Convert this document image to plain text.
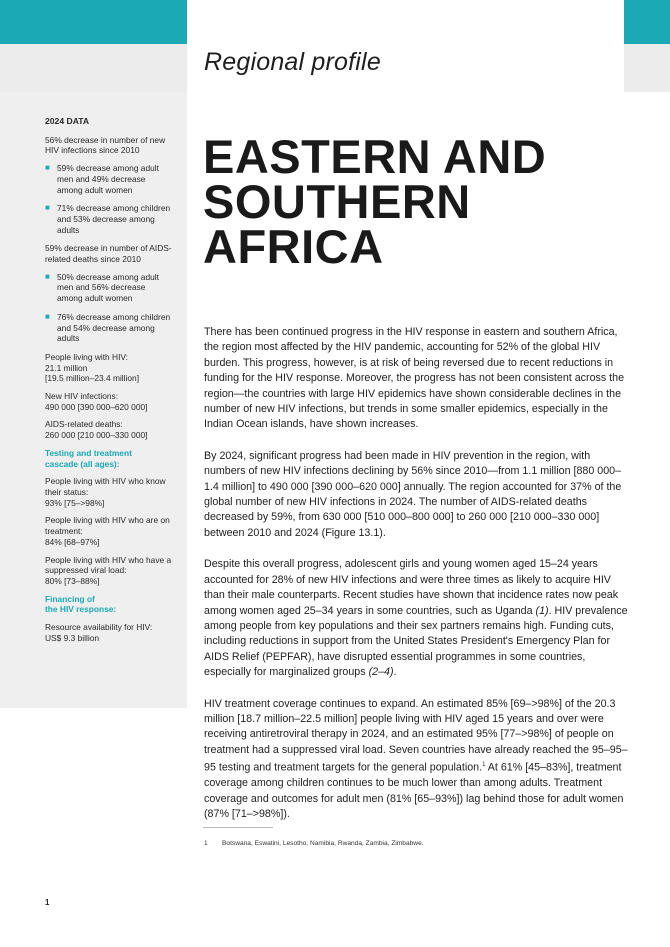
Regional profile

2024 DATA

56% decrease in number of new HIV infections since 2010

■ 59% decrease among adult men and 49% decrease among adult women
■ 71% decrease among children and 53% decrease among adults

59% decrease in number of AIDS-related deaths since 2010

■ 50% decrease among adult men and 56% decrease among adult women
■ 76% decrease among children and 54% decrease among adults

People living with HIV:
21.1 million
[19.5 million–23.4 million]

New HIV infections:
490 000 [390 000–620 000]

AIDS-related deaths:
260 000 [210 000–330 000]

Testing and treatment
cascade (all ages):

People living with HIV who know their status:
93% [75–>98%]

People living with HIV who are on treatment:
84% [68–97%]

People living with HIV who have a suppressed viral load:
80% [73–88%]

Financing of
the HIV response:

Resource availability for HIV:
US$ 9.3 billion

EASTERN AND
SOUTHERN
AFRICA

There has been continued progress in the HIV response in eastern and southern Africa, the region most affected by the HIV pandemic, accounting for 52% of the global HIV burden. This progress, however, is at risk of being reversed due to recent reductions in funding for the HIV response. Moreover, the progress has not been consistent across the region—the countries with large HIV epidemics have shown considerable declines in the number of new HIV infections, but trends in some smaller epidemics, especially in the Indian Ocean islands, have shown increases.

By 2024, significant progress had been made in HIV prevention in the region, with numbers of new HIV infections declining by 56% since 2010—from 1.1 million [880 000–1.4 million] to 490 000 [390 000–620 000] annually. The region accounted for 37% of the global number of new HIV infections in 2024. The number of AIDS-related deaths decreased by 59%, from 630 000 [510 000–800 000] to 260 000 [210 000–330 000] between 2010 and 2024 (Figure 13.1).

Despite this overall progress, adolescent girls and young women aged 15–24 years accounted for 28% of new HIV infections and were three times as likely to acquire HIV than their male counterparts. Recent studies have shown that incidence rates now peak among women aged 25–34 years in some countries, such as Uganda (1). HIV prevalence among people from key populations and their sex partners remains high. Funding cuts, including reductions in support from the United States President's Emergency Plan for AIDS Relief (PEPFAR), have disrupted essential programmes in some countries, especially for marginalized groups (2–4).

HIV treatment coverage continues to expand. An estimated 85% [69–>98%] of the 20.3 million [18.7 million–22.5 million] people living with HIV aged 15 years and over were receiving antiretroviral therapy in 2024, and an estimated 95% [77–>98%] of people on treatment had a suppressed viral load. Seven countries have already reached the 95–95–95 testing and treatment targets for the general population.$^1$ At 61% [45–83%], treatment coverage among children continues to be much lower than among adults. Treatment coverage and outcomes for adult men (81% [65–93%]) lag behind those for adult women (87% [71–>98%]).

1 Botswana, Eswatini, Lesotho, Namibia, Rwanda, Zambia, Zimbabwe.
1
